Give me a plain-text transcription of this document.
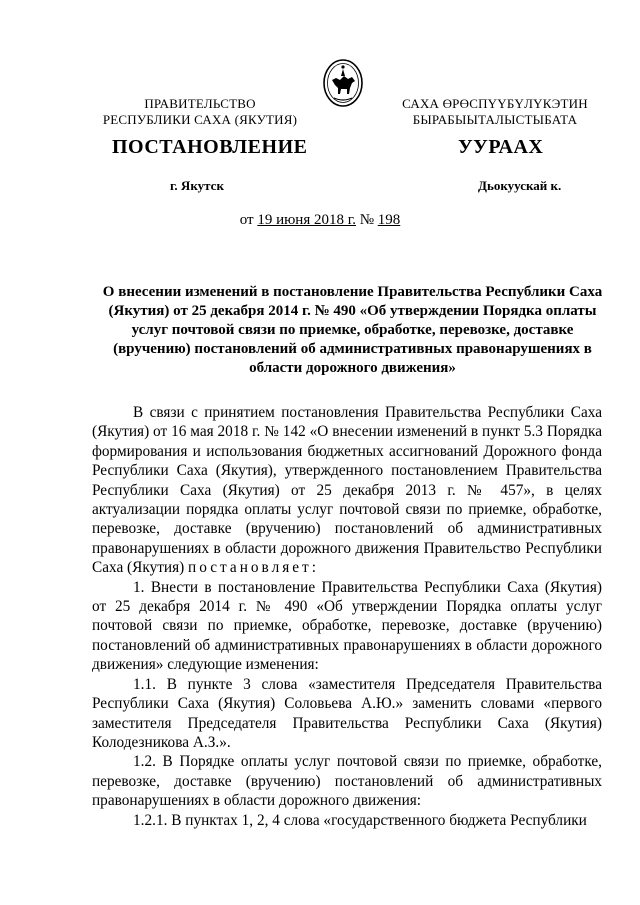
ПРАВИТЕЛЬСТВО
РЕСПУБЛИКИ САХА (ЯКУТИЯ)
САХА ӨРӨСПҮҮБҮЛҮКЭТИН
БЫРАБЫЫТАЛЫСТЫБАТА
ПОСТАНОВЛЕНИЕ	УУРААХ
г. Якутск	Дьокуускай к.
от 19 июня 2018 г. № 198
О внесении изменений в постановление Правительства Республики Саха (Якутия) от 25 декабря 2014 г. № 490 «Об утверждении Порядка оплаты услуг почтовой связи по приемке, обработке, перевозке, доставке (вручению) постановлений об административных правонарушениях в области дорожного движения»

В связи с принятием постановления Правительства Республики Саха (Якутия) от 16 мая 2018 г. № 142 «О внесении изменений в пункт 5.3 Порядка формирования и использования бюджетных ассигнований Дорожного фонда Республики Саха (Якутия), утвержденного постановлением Правительства Республики Саха (Якутия) от 25 декабря 2013 г. № 457», в целях актуализации порядка оплаты услуг почтовой связи по приемке, обработке, перевозке, доставке (вручению) постановлений об административных правонарушениях в области дорожного движения Правительство Республики Саха (Якутия) постановляет:

1. Внести в постановление Правительства Республики Саха (Якутия) от 25 декабря 2014 г. № 490 «Об утверждении Порядка оплаты услуг почтовой связи по приемке, обработке, перевозке, доставке (вручению) постановлений об административных правонарушениях в области дорожного движения» следующие изменения:

1.1. В пункте 3 слова «заместителя Председателя Правительства Республики Саха (Якутия) Соловьева А.Ю.» заменить словами «первого заместителя Председателя Правительства Республики Саха (Якутия) Колодезникова А.З.».

1.2. В Порядке оплаты услуг почтовой связи по приемке, обработке, перевозке, доставке (вручению) постановлений об административных правонарушениях в области дорожного движения:

1.2.1. В пунктах 1, 2, 4 слова «государственного бюджета Республики
